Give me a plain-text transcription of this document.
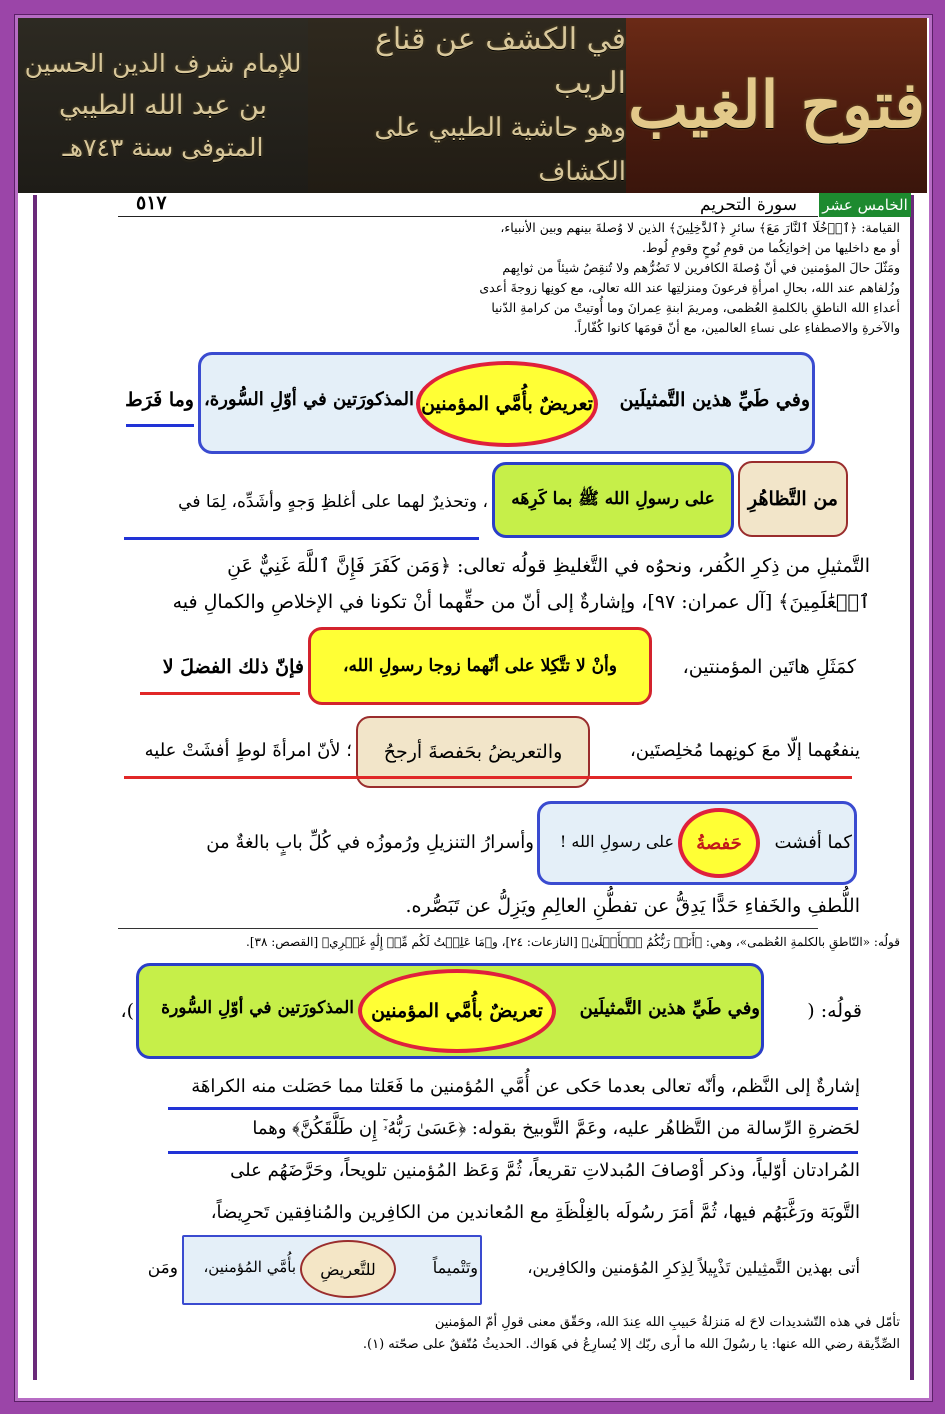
للإمام شرف الدين الحسين
بن عبد الله الطيبي
المتوفى سنة ٧٤٣هـ
في الكشف عن قناع الريب
وهو حاشية الطيبي على الكشاف
فتوح الغيب
٥١٧	سورة التحريم الخامس عشر
القيامة: ﴿ٱدۡخُلَا ٱلنَّارَ مَعَ﴾ سائرِ ﴿ٱلدَّٰخِلِينَ﴾ الذين لا وُصلةَ بينهم وبين الأنبياء،
أو مع داخليها من إخوانِكُما من قومِ نُوحٍ وقومِ لُوط.
ومَثّلَ حالَ المؤمنين في أنّ وُصلةَ الكافرين لا تَضُرُّهم ولا تُنقِصُ شيئاً من ثوابِهم
وزُلفاهم عند الله، بحالِ امرأةِ فرعونَ ومنزلتِها عند الله تعالى، مع كونِها زوجةَ أعدى
أعداءِ الله الناطقِ بالكلمةِ العُظمى، ومريمَ ابنةِ عِمرانَ وما أُوتيتْ من كرامةِ الدّنيا
والآخرةِ والاصطفاءِ على نساءِ العالمين، مع أنّ قومَها كانوا كُفّاراً.
تعريضٌ بأُمَّي المؤمنين	وفي طَيِّ هذين التَّمثيلَين
المذكورَتين في أوّلِ السُّورة،
وما فَرَط
من التَّظاهُرِ
على رسولِ الله ﷺ بما كَرِهَه
، وتحذيرٌ لهما على أغلظِ وَجهٍ وأشَدِّه، لِمَا في
التَّمثيلِ من ذِكرِ الكُفر، ونحوُه في التَّغليظِ قولُه تعالى: ﴿وَمَن كَفَرَ فَإِنَّ ٱللَّهَ غَنِيٌّ عَنِ
ٱلۡعَٰلَمِينَ﴾ [آل عمران: ٩٧]، وإشارةٌ إلى أنّ من حقِّهما أنْ تكونا في الإخلاصِ والكمالِ فيه
وأنْ لا تتَّكِلا على أنّهما زوجا رسولِ الله،	كمَثَلِ هاتَين المؤمنتين،
فإنّ ذلك الفضلَ لا
والتعريضُ بحَفصةَ أرجحُ	ينفعُهما إلّا معَ كونِهما مُخلِصتَين،
؛ لأنّ امرأةَ لوطٍ أفشَتْ عليه
حَفصةُ	كما أفشت
على رسولِ الله !
وأسرارُ التنزيلِ ورُموزُه في كُلِّ بابٍ بالغةٌ من
اللُّطفِ والخَفاءِ حَدًّا يَدِقُّ عن تفطُّنِ العالِمِ ويَزِلُّ عن تَبَصُّره.
قولُه: «النّاطقِ بالكلمةِ العُظمى»، وهي: ﴿أَنَا۠ رَبُّكُمُ ٱلۡأَعۡلَىٰ﴾ [النازعات: ٢٤]، و﴿مَا عَلِمۡتُ لَكُم مِّنۡ إِلَٰهٍ غَيۡرِي﴾ [القصص: ٣٨].
تعريضٌ بأُمَّي المؤمنين	وفي طَيِّ هذين التَّمثيلَين
المذكورَتين في أوّلِ السُّورة	قولُه: (
)،
إشارةٌ إلى النَّظم، وأنّه تعالى بعدما حَكى عن أُمَّي المُؤمنين ما فَعَلتا مما حَصَلت منه الكراهَة
لحَضرةِ الرِّسالة من التَّظاهُر عليه، وعَمَّ التَّوبيخ بقوله: ﴿عَسَىٰ رَبُّهُۥٓ إِن طَلَّقَكُنَّ﴾ وهما
المُرادتان أوّلياً، وذكر أوْصافَ المُبدلاتِ تقريعاً، ثُمَّ وَعَظ المُؤمنين تلويحاً، وحَرَّضَهُم على
التَّوبَة ورَغَّبَهُم فيها، ثُمَّ أمَرَ رسُولَه بالغِلْظَةِ مع المُعاندين من الكافِرين والمُنافِقين تَحرِيضاً،
للتَّعريضِ	وتَتْميماً
بأُمَّي المُؤمنين،	أتى بهذين التَّمثِيلين تَذْيِيلاً لِذِكرِ المُؤمنين والكافِرين،
ومَن
تأمّل في هذه التّشديدات لاحَ له مَنزلةُ حَبيبِ الله عِندَ الله، وحَقّق معنى قولِ أمّ المؤمنين
الصِّدِّيقة رضي الله عنها: يا رسُولَ الله ما أرى ربّك إلا يُسارِعُ في هَواك. الحديثُ مُتّفقٌ على صحّته (١).
